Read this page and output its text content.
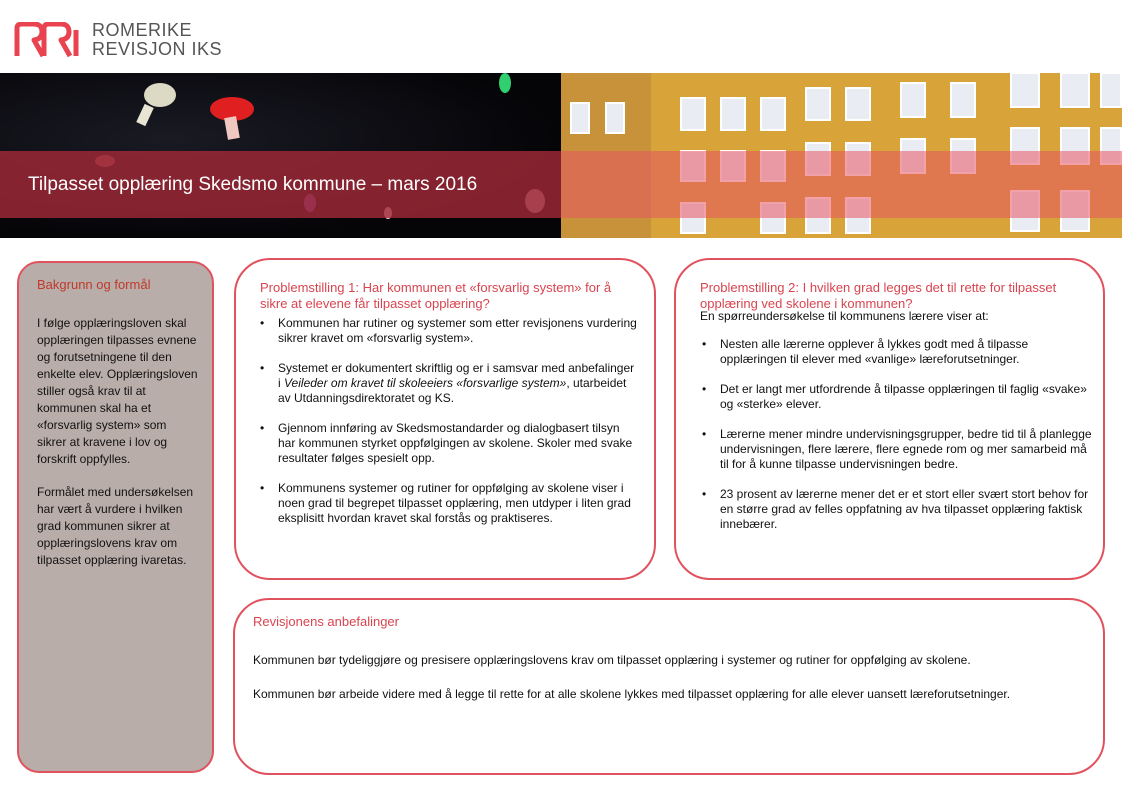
ROMERIKE
REVISJON IKS
Tilpasset opplæring Skedsmo kommune – mars 2016
Bakgrunn og formål

I følge opplæringsloven skal opplæringen tilpasses evnene og forutsetningene til den enkelte elev. Opplæringsloven stiller også krav til at kommunen skal ha et «forsvarlig system» som sikrer at kravene i lov og forskrift oppfylles.

Formålet med undersøkelsen har vært å vurdere i hvilken grad kommunen sikrer at opplæringslovens krav om tilpasset opplæring ivaretas.

Problemstilling 1: Har kommunen et «forsvarlig system» for å sikre at elevene får tilpasset opplæring?
• Kommunen har rutiner og systemer som etter revisjonens vurdering sikrer kravet om «forsvarlig system».
• Systemet er dokumentert skriftlig og er i samsvar med anbefalinger i Veileder om kravet til skoleeiers «forsvarlige system», utarbeidet av Utdanningsdirektoratet og KS.
• Gjennom innføring av Skedsmostandarder og dialogbasert tilsyn har kommunen styrket oppfølgingen av skolene. Skoler med svake resultater følges spesielt opp.
• Kommunens systemer og rutiner for oppfølging av skolene viser i noen grad til begrepet tilpasset opplæring, men utdyper i liten grad eksplisitt hvordan kravet skal forstås og praktiseres.
Problemstilling 2: I hvilken grad legges det til rette for tilpasset opplæring ved skolene i kommunen?
En spørreundersøkelse til kommunens lærere viser at:
• Nesten alle lærerne opplever å lykkes godt med å tilpasse opplæringen til elever med «vanlige» læreforutsetninger.
• Det er langt mer utfordrende å tilpasse opplæringen til faglig «svake» og «sterke» elever.
• Lærerne mener mindre undervisningsgrupper, bedre tid til å planlegge undervisningen, flere lærere, flere egnede rom og mer samarbeid må til for å kunne tilpasse undervisningen bedre.
• 23 prosent av lærerne mener det er et stort eller svært stort behov for en større grad av felles oppfatning av hva tilpasset opplæring faktisk innebærer.
Revisjonens anbefalinger

Kommunen bør tydeliggjøre og presisere opplæringslovens krav om tilpasset opplæring i systemer og rutiner for oppfølging av skolene.

Kommunen bør arbeide videre med å legge til rette for at alle skolene lykkes med tilpasset opplæring for alle elever uansett læreforutsetninger.
